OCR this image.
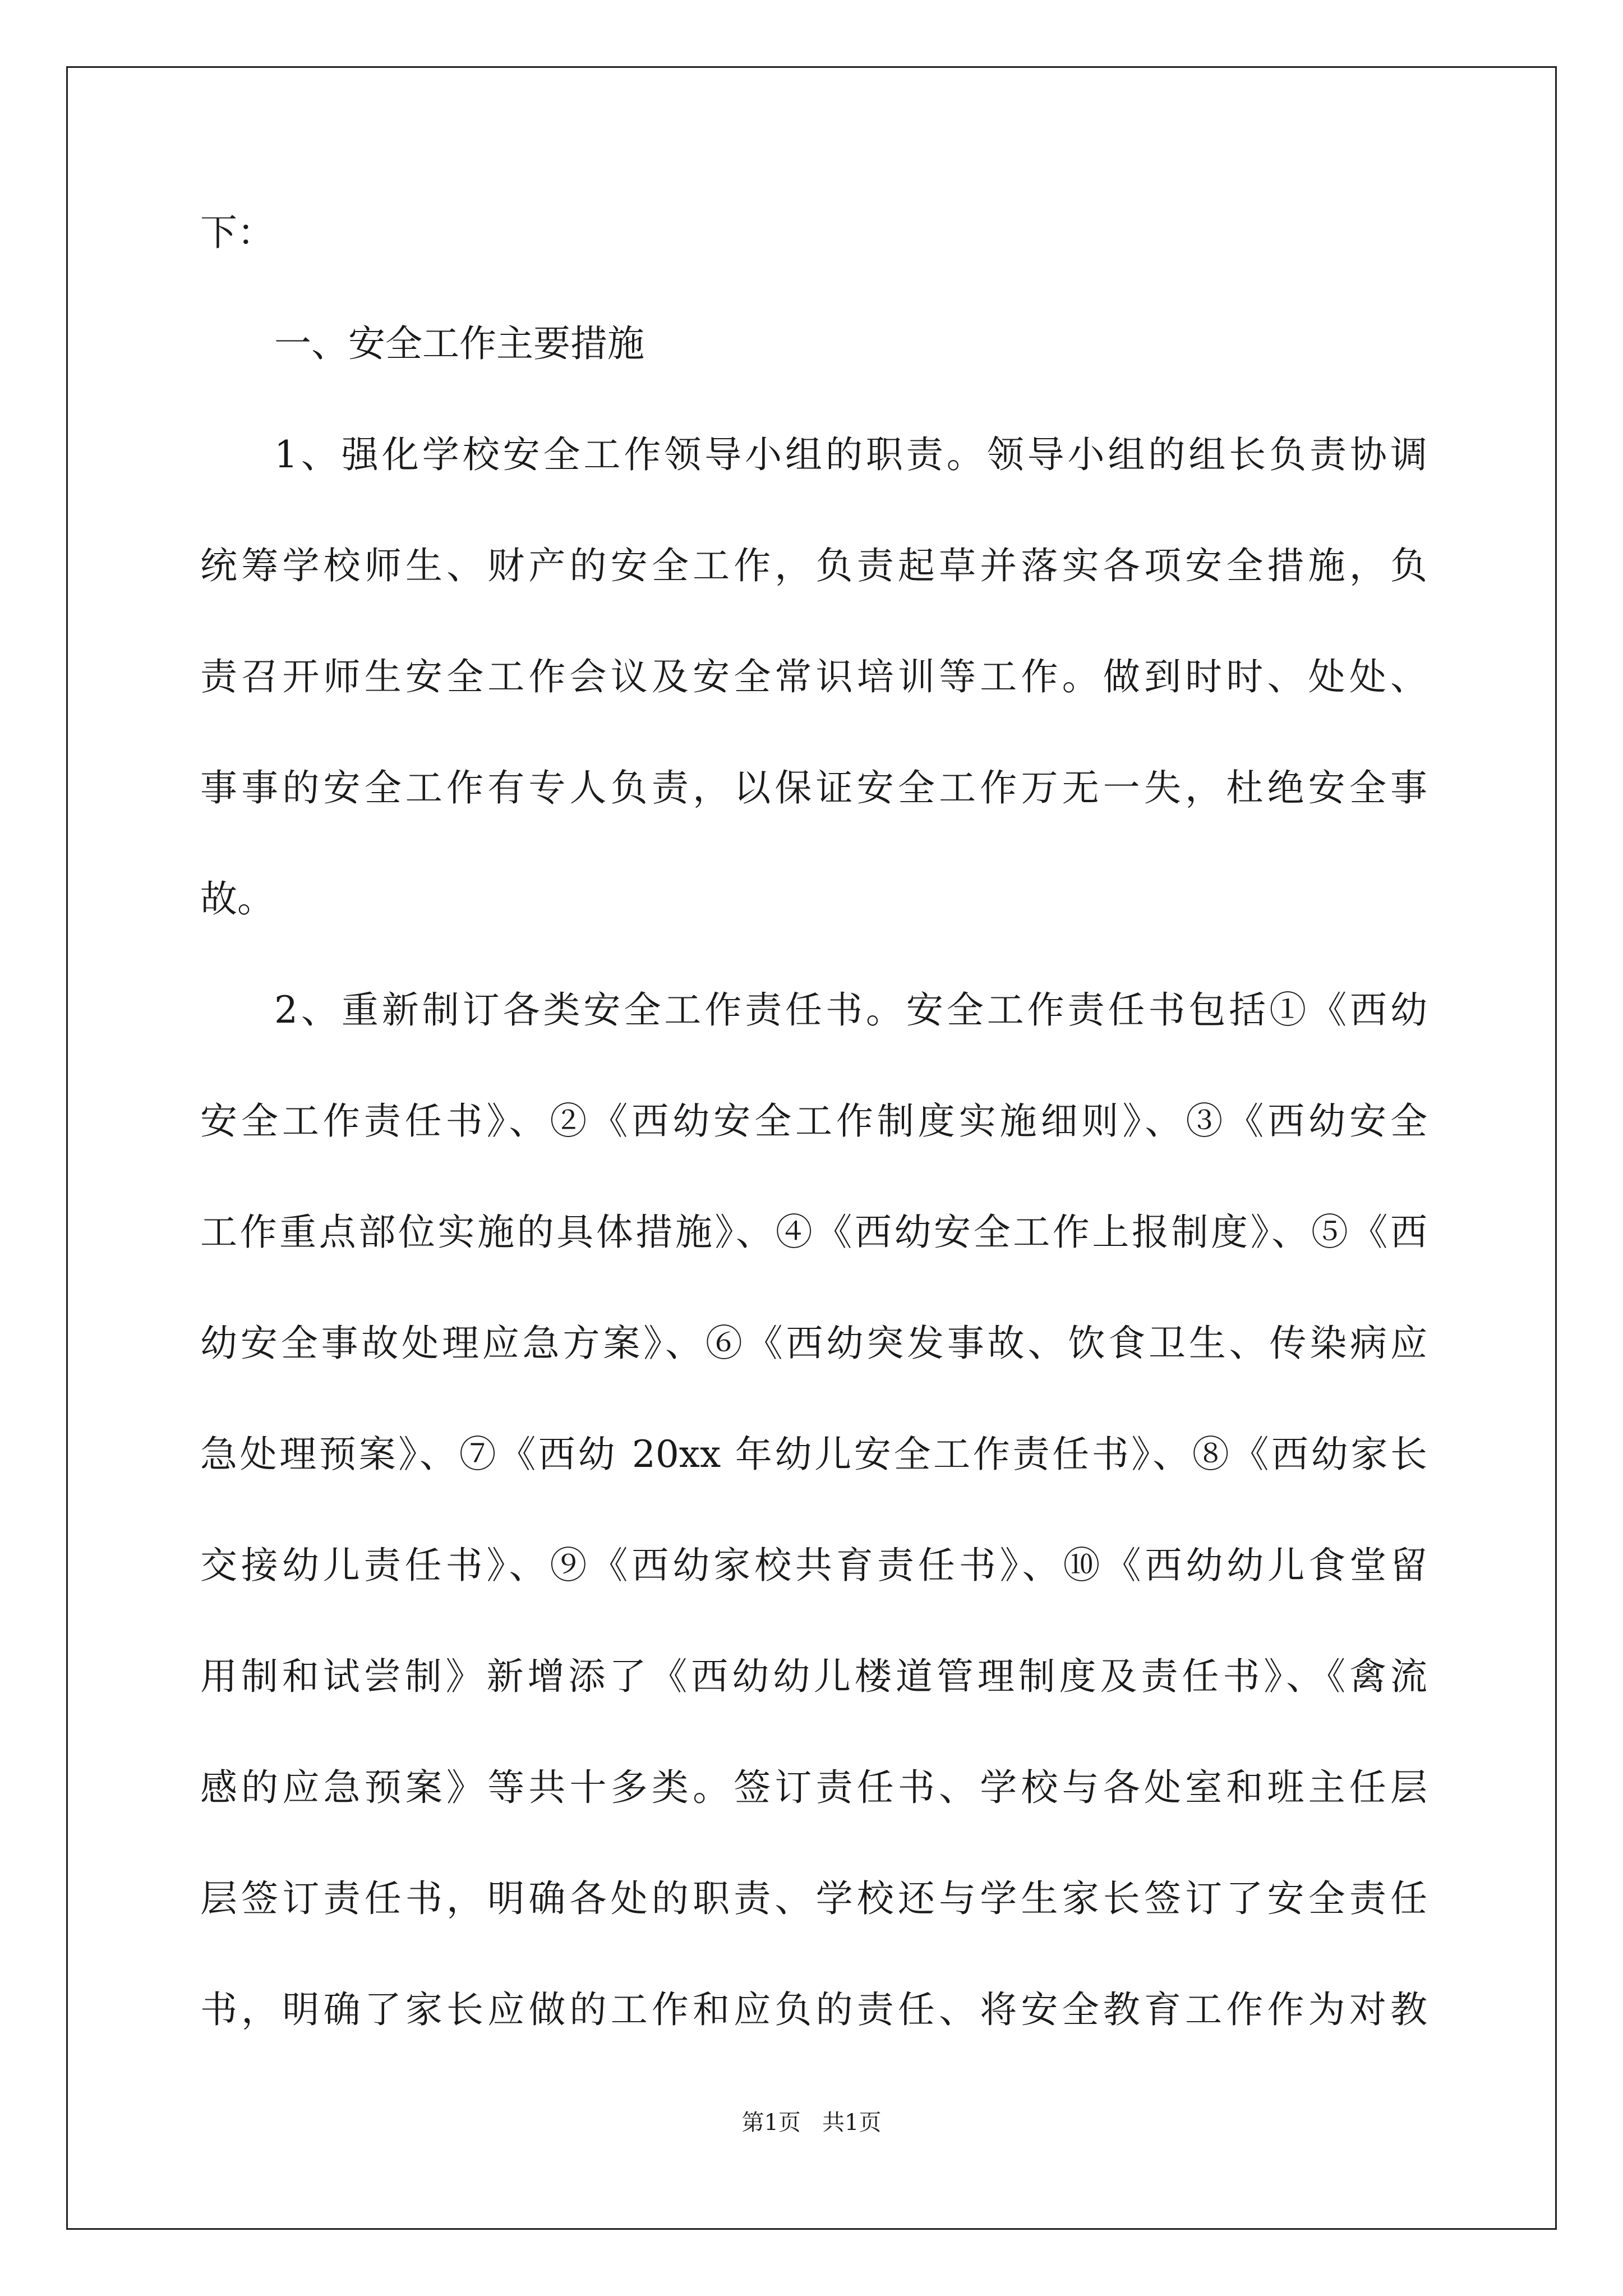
下：
一、安全工作主要措施
1、强化学校安全工作领导小组的职责。领导小组的组长负责协调
统筹学校师生、财产的安全工作，负责起草并落实各项安全措施，负
责召开师生安全工作会议及安全常识培训等工作。做到时时、处处、
事事的安全工作有专人负责，以保证安全工作万无一失，杜绝安全事
故。
2、重新制订各类安全工作责任书。安全工作责任书包括①《西幼
安全工作责任书》、②《西幼安全工作制度实施细则》、③《西幼安全
工作重点部位实施的具体措施》、④《西幼安全工作上报制度》、⑤《西
幼安全事故处理应急方案》、⑥《西幼突发事故、饮食卫生、传染病应
急处理预案》、⑦《西幼 20xx 年幼儿安全工作责任书》、⑧《西幼家长
交接幼儿责任书》、⑨《西幼家校共育责任书》、⑩《西幼幼儿食堂留
用制和试尝制》新增添了《西幼幼儿楼道管理制度及责任书》、《禽流
感的应急预案》等共十多类。签订责任书、学校与各处室和班主任层
层签订责任书，明确各处的职责、学校还与学生家长签订了安全责任
书，明确了家长应做的工作和应负的责任、将安全教育工作作为对教
第1页   共1页
